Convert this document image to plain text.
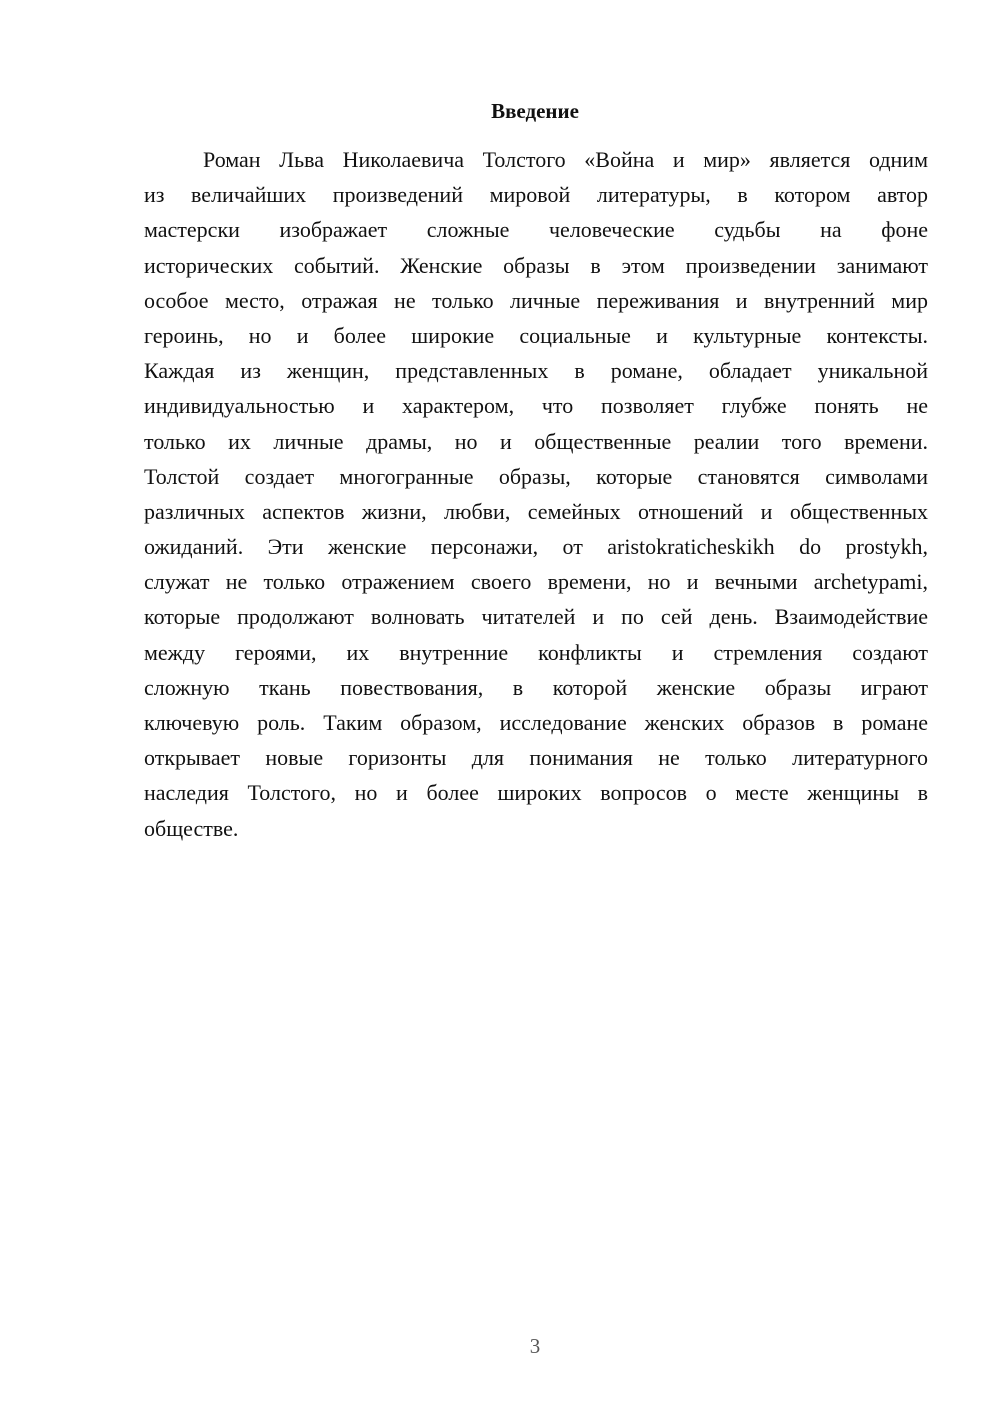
Введение
Роман Льва Николаевича Толстого «Война и мир» является одним
из величайших произведений мировой литературы, в котором автор
мастерски изображает сложные человеческие судьбы на фоне
исторических событий. Женские образы в этом произведении занимают
особое место, отражая не только личные переживания и внутренний мир
героинь, но и более широкие социальные и культурные контексты.
Каждая из женщин, представленных в романе, обладает уникальной
индивидуальностью и характером, что позволяет глубже понять не
только их личные драмы, но и общественные реалии того времени.
Толстой создает многогранные образы, которые становятся символами
различных аспектов жизни, любви, семейных отношений и общественных
ожиданий. Эти женские персонажи, от aristokraticheskikh do prostykh,
служат не только отражением своего времени, но и вечными archetypami,
которые продолжают волновать читателей и по сей день. Взаимодействие
между героями, их внутренние конфликты и стремления создают
сложную ткань повествования, в которой женские образы играют
ключевую роль. Таким образом, исследование женских образов в романе
открывает новые горизонты для понимания не только литературного
наследия Толстого, но и более широких вопросов о месте женщины в
обществе.
3
